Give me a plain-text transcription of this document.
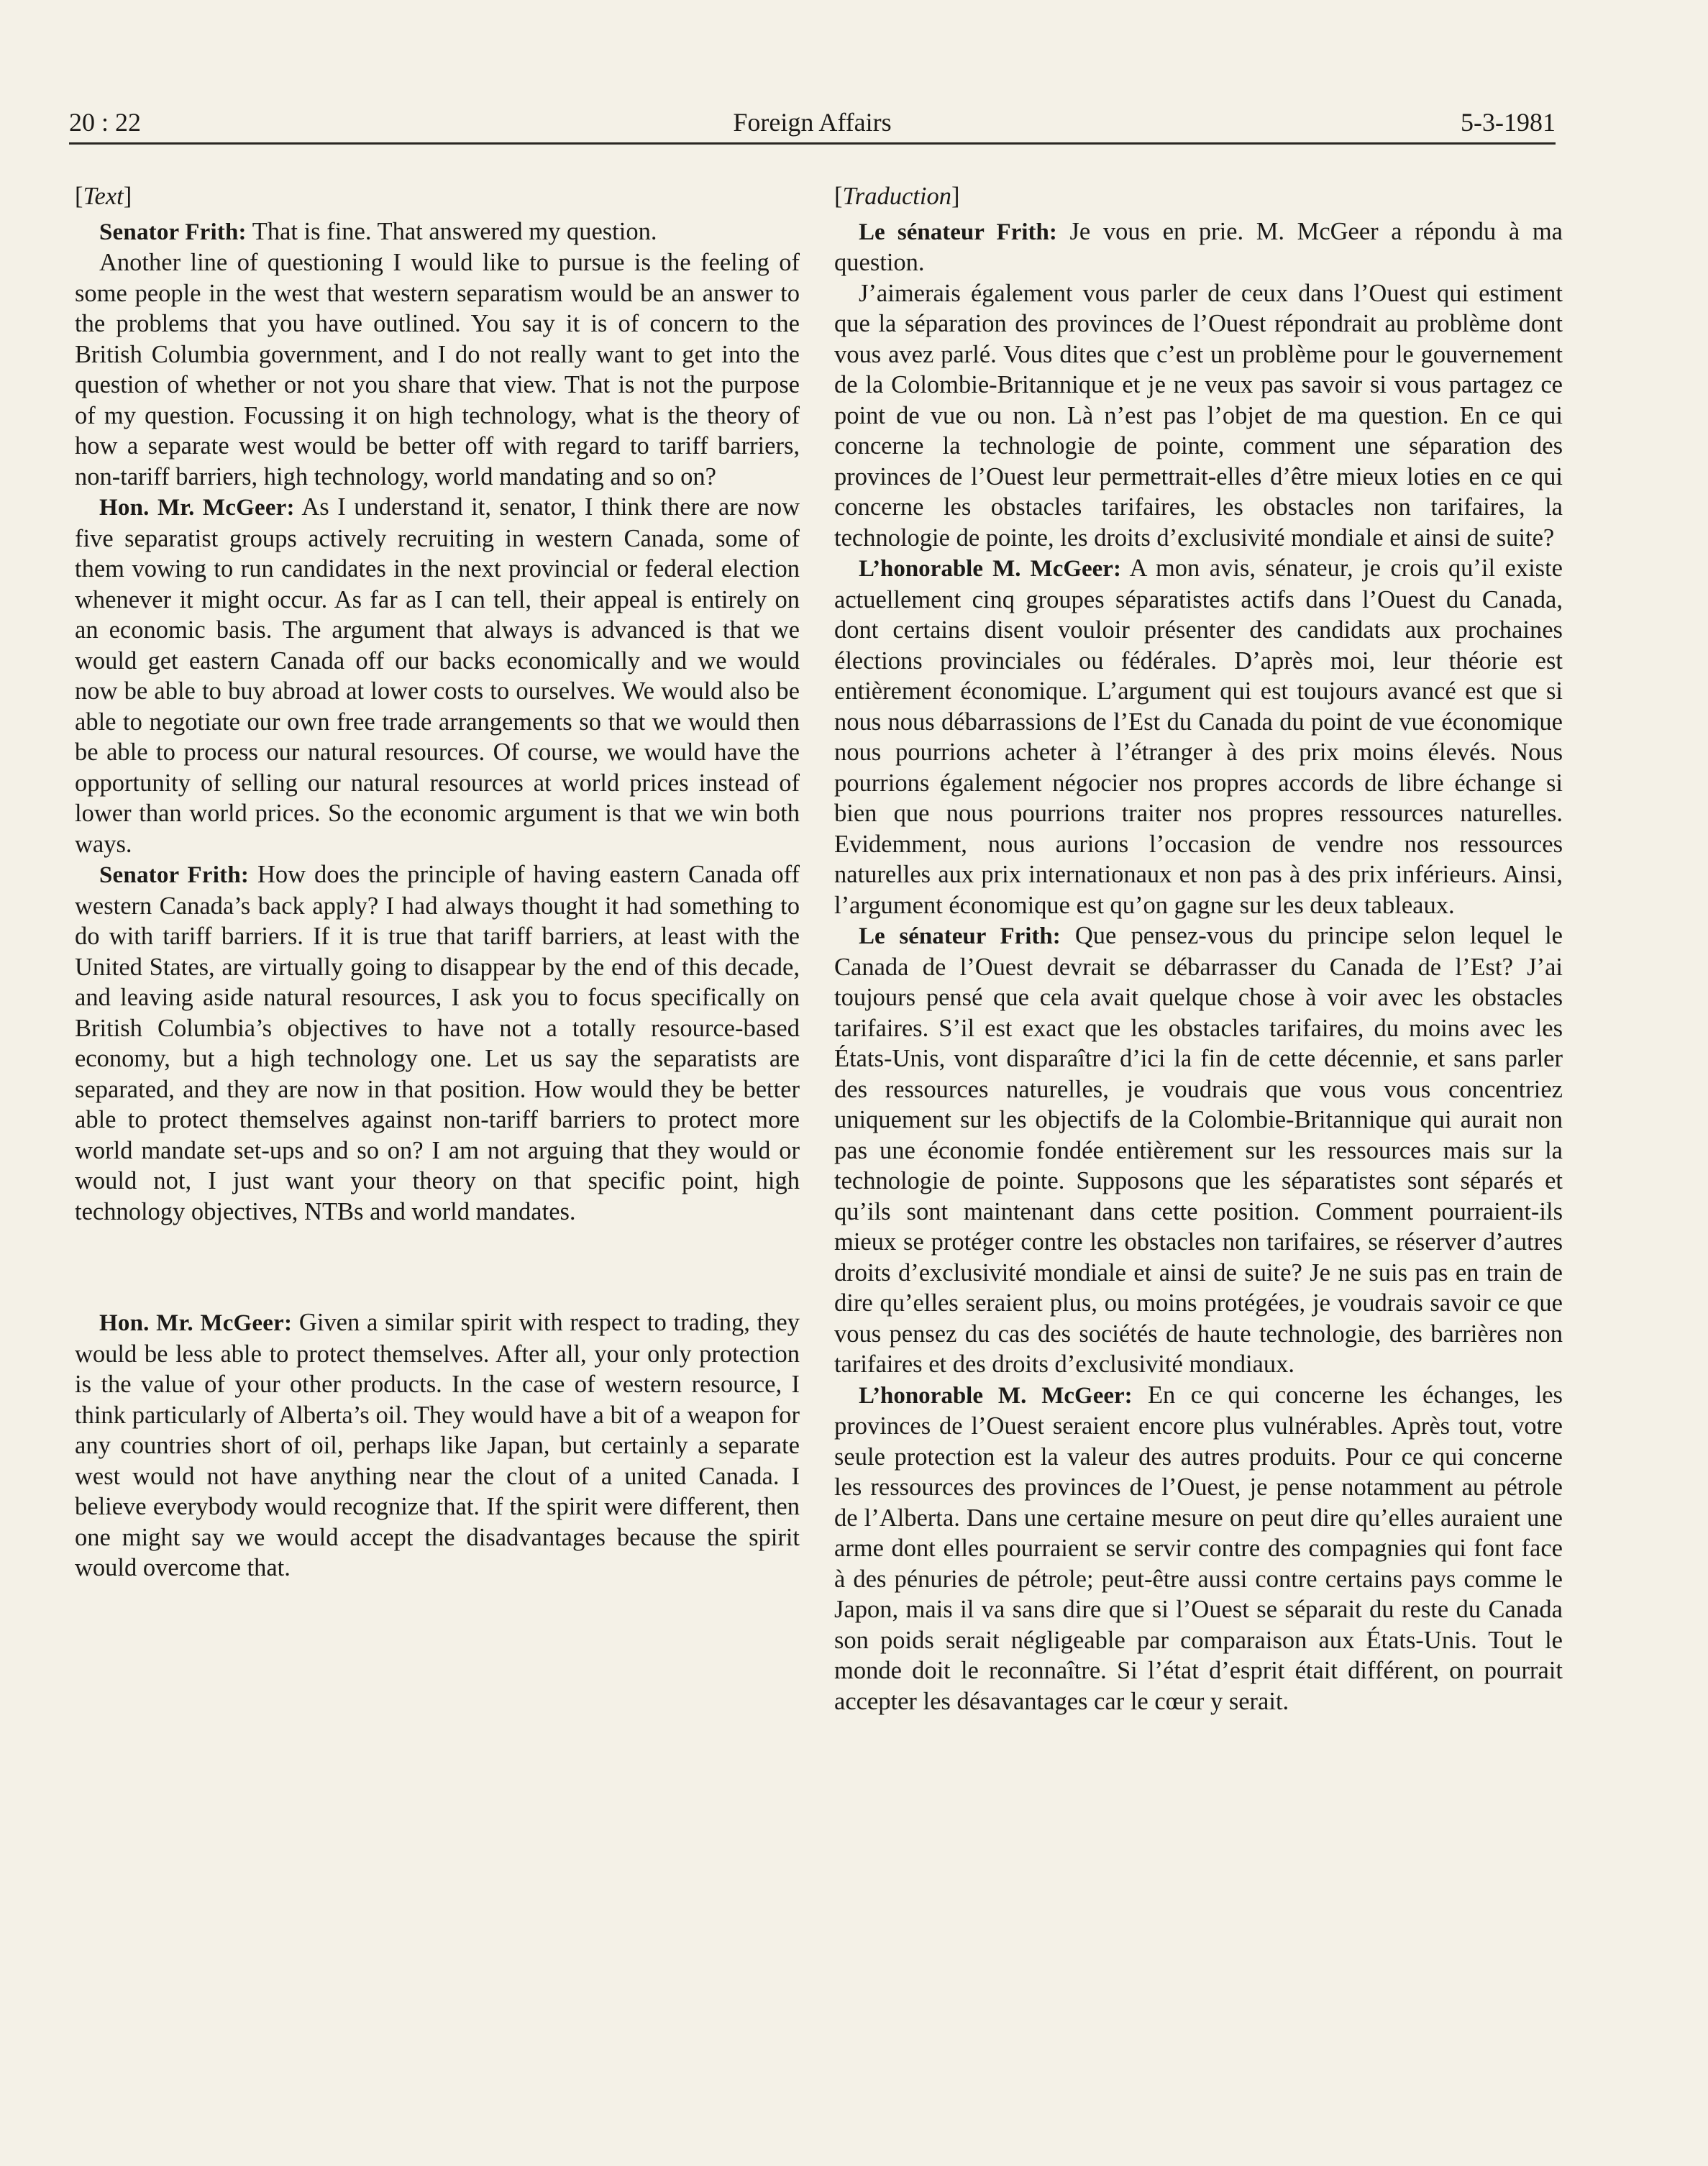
20 : 22	Foreign Affairs	5-3-1981
[Text]

Senator Frith: That is fine. That answered my question.

Another line of questioning I would like to pursue is the feeling of some people in the west that western separatism would be an answer to the problems that you have outlined. You say it is of concern to the British Columbia government, and I do not really want to get into the question of whether or not you share that view. That is not the purpose of my question. Focussing it on high technology, what is the theory of how a separate west would be better off with regard to tariff barriers, non-tariff barriers, high technology, world mandating and so on?

Hon. Mr. McGeer: As I understand it, senator, I think there are now five separatist groups actively recruiting in western Canada, some of them vowing to run candidates in the next provincial or federal election whenever it might occur. As far as I can tell, their appeal is entirely on an economic basis. The argument that always is advanced is that we would get eastern Canada off our backs economically and we would now be able to buy abroad at lower costs to ourselves. We would also be able to negotiate our own free trade arrangements so that we would then be able to process our natural resources. Of course, we would have the opportunity of selling our natural resources at world prices instead of lower than world prices. So the economic argument is that we win both ways.

Senator Frith: How does the principle of having eastern Canada off western Canada’s back apply? I had always thought it had something to do with tariff barriers. If it is true that tariff barriers, at least with the United States, are virtually going to disappear by the end of this decade, and leaving aside natural resources, I ask you to focus specifically on British Columbia’s objectives to have not a totally resource-based economy, but a high technology one. Let us say the separatists are separated, and they are now in that position. How would they be better able to protect themselves against non-tariff barriers to protect more world mandate set-ups and so on? I am not arguing that they would or would not, I just want your theory on that specific point, high technology objectives, NTBs and world mandates.

Hon. Mr. McGeer: Given a similar spirit with respect to trading, they would be less able to protect themselves. After all, your only protection is the value of your other products. In the case of western resource, I think particularly of Alberta’s oil. They would have a bit of a weapon for any countries short of oil, perhaps like Japan, but certainly a separate west would not have anything near the clout of a united Canada. I believe everybody would recognize that. If the spirit were different, then one might say we would accept the disadvantages because the spirit would overcome that.

[Traduction]

Le sénateur Frith: Je vous en prie. M. McGeer a répondu à ma question.

J’aimerais également vous parler de ceux dans l’Ouest qui estiment que la séparation des provinces de l’Ouest répondrait au problème dont vous avez parlé. Vous dites que c’est un problème pour le gouvernement de la Colombie-Britannique et je ne veux pas savoir si vous partagez ce point de vue ou non. Là n’est pas l’objet de ma question. En ce qui concerne la technologie de pointe, comment une séparation des provinces de l’Ouest leur permettrait-elles d’être mieux loties en ce qui concerne les obstacles tarifaires, les obstacles non tarifaires, la technologie de pointe, les droits d’exclusivité mondiale et ainsi de suite?

L’honorable M. McGeer: A mon avis, sénateur, je crois qu’il existe actuellement cinq groupes séparatistes actifs dans l’Ouest du Canada, dont certains disent vouloir présenter des candidats aux prochaines élections provinciales ou fédérales. D’après moi, leur théorie est entièrement économique. L’argument qui est toujours avancé est que si nous nous débarrassions de l’Est du Canada du point de vue économique nous pourrions acheter à l’étranger à des prix moins élevés. Nous pourrions également négocier nos propres accords de libre échange si bien que nous pourrions traiter nos propres ressources naturelles. Evidemment, nous aurions l’occasion de vendre nos ressources naturelles aux prix internationaux et non pas à des prix inférieurs. Ainsi, l’argument économique est qu’on gagne sur les deux tableaux.

Le sénateur Frith: Que pensez-vous du principe selon lequel le Canada de l’Ouest devrait se débarrasser du Canada de l’Est? J’ai toujours pensé que cela avait quelque chose à voir avec les obstacles tarifaires. S’il est exact que les obstacles tarifaires, du moins avec les États-Unis, vont disparaître d’ici la fin de cette décennie, et sans parler des ressources naturelles, je voudrais que vous vous concentriez uniquement sur les objectifs de la Colombie-Britannique qui aurait non pas une économie fondée entièrement sur les ressources mais sur la technologie de pointe. Supposons que les séparatistes sont séparés et qu’ils sont maintenant dans cette position. Comment pourraient-ils mieux se protéger contre les obstacles non tarifaires, se réserver d’autres droits d’exclusivité mondiale et ainsi de suite? Je ne suis pas en train de dire qu’elles seraient plus, ou moins protégées, je voudrais savoir ce que vous pensez du cas des sociétés de haute technologie, des barrières non tarifaires et des droits d’exclusivité mondiaux.

L’honorable M. McGeer: En ce qui concerne les échanges, les provinces de l’Ouest seraient encore plus vulnérables. Après tout, votre seule protection est la valeur des autres produits. Pour ce qui concerne les ressources des provinces de l’Ouest, je pense notamment au pétrole de l’Alberta. Dans une certaine mesure on peut dire qu’elles auraient une arme dont elles pourraient se servir contre des compagnies qui font face à des pénuries de pétrole; peut-être aussi contre certains pays comme le Japon, mais il va sans dire que si l’Ouest se séparait du reste du Canada son poids serait négligeable par comparaison aux États-Unis. Tout le monde doit le reconnaître. Si l’état d’esprit était différent, on pourrait accepter les désavantages car le cœur y serait.
